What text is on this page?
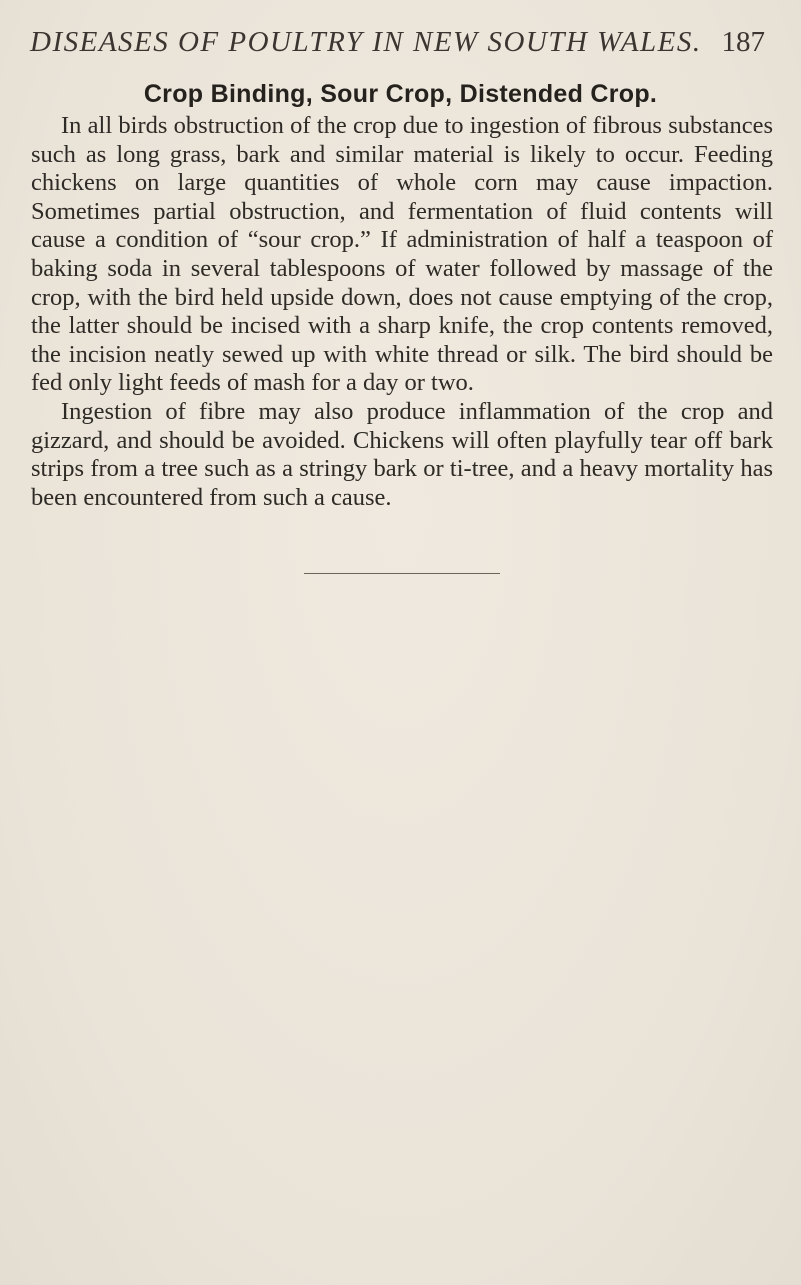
DISEASES OF POULTRY IN NEW SOUTH WALES. 187
Crop Binding, Sour Crop, Distended Crop.

In all birds obstruction of the crop due to ingestion of fibrous substances such as long grass, bark and similar material is likely to occur. Feeding chickens on large quantities of whole corn may cause impaction. Sometimes partial obstruction, and fermentation of fluid contents will cause a condition of “sour crop.” If administration of half a teaspoon of baking soda in several tablespoons of water followed by massage of the crop, with the bird held upside down, does not cause emptying of the crop, the latter should be incised with a sharp knife, the crop contents removed, the incision neatly sewed up with white thread or silk. The bird should be fed only light feeds of mash for a day or two.

Ingestion of fibre may also produce inflammation of the crop and gizzard, and should be avoided. Chickens will often playfully tear off bark strips from a tree such as a stringy bark or ti-tree, and a heavy mortality has been encountered from such a cause.
